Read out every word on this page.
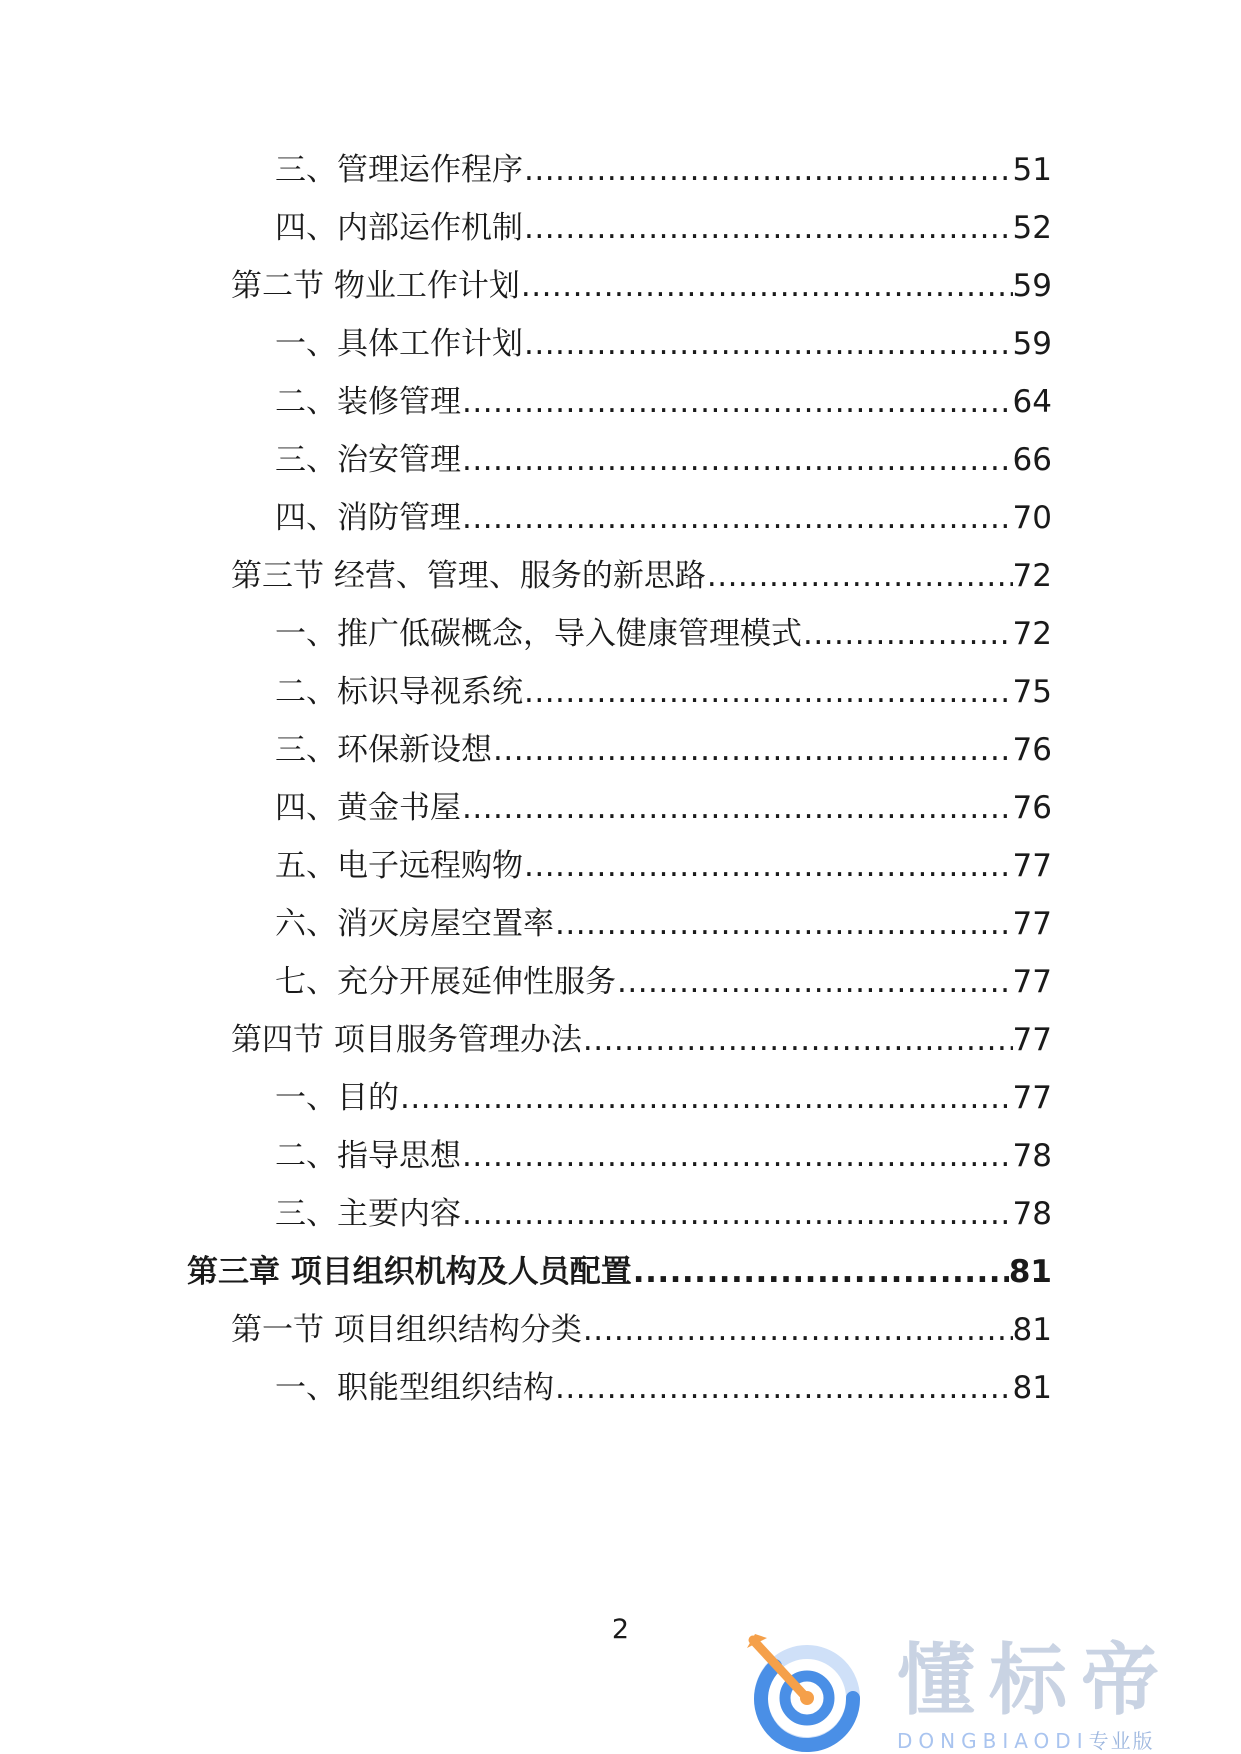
三、管理运作程序 .....	51
四、内部运作机制 .....	52
第二节 物业工作计划 .....	59
一、具体工作计划 .....	59
二、装修管理 .....	64
三、治安管理 .....	66
四、消防管理 .....	70
第三节 经营、管理、服务的新思路 .....	72
一、推广低碳概念，导入健康管理模式 .....	72
二、标识导视系统 .....	75
三、环保新设想 .....	76
四、黄金书屋 .....	76
五、电子远程购物 .....	77
六、消灭房屋空置率 .....	77
七、充分开展延伸性服务 .....	77
第四节 项目服务管理办法 .....	77
一、目的 .....	77
二、指导思想 .....	78
三、主要内容 .....	78
第三章 项目组织机构及人员配置 .....	81
第一节 项目组织结构分类 .....	81
一、职能型组织结构 .....	81
2
懂标帝
DONGBIAODI专业版
